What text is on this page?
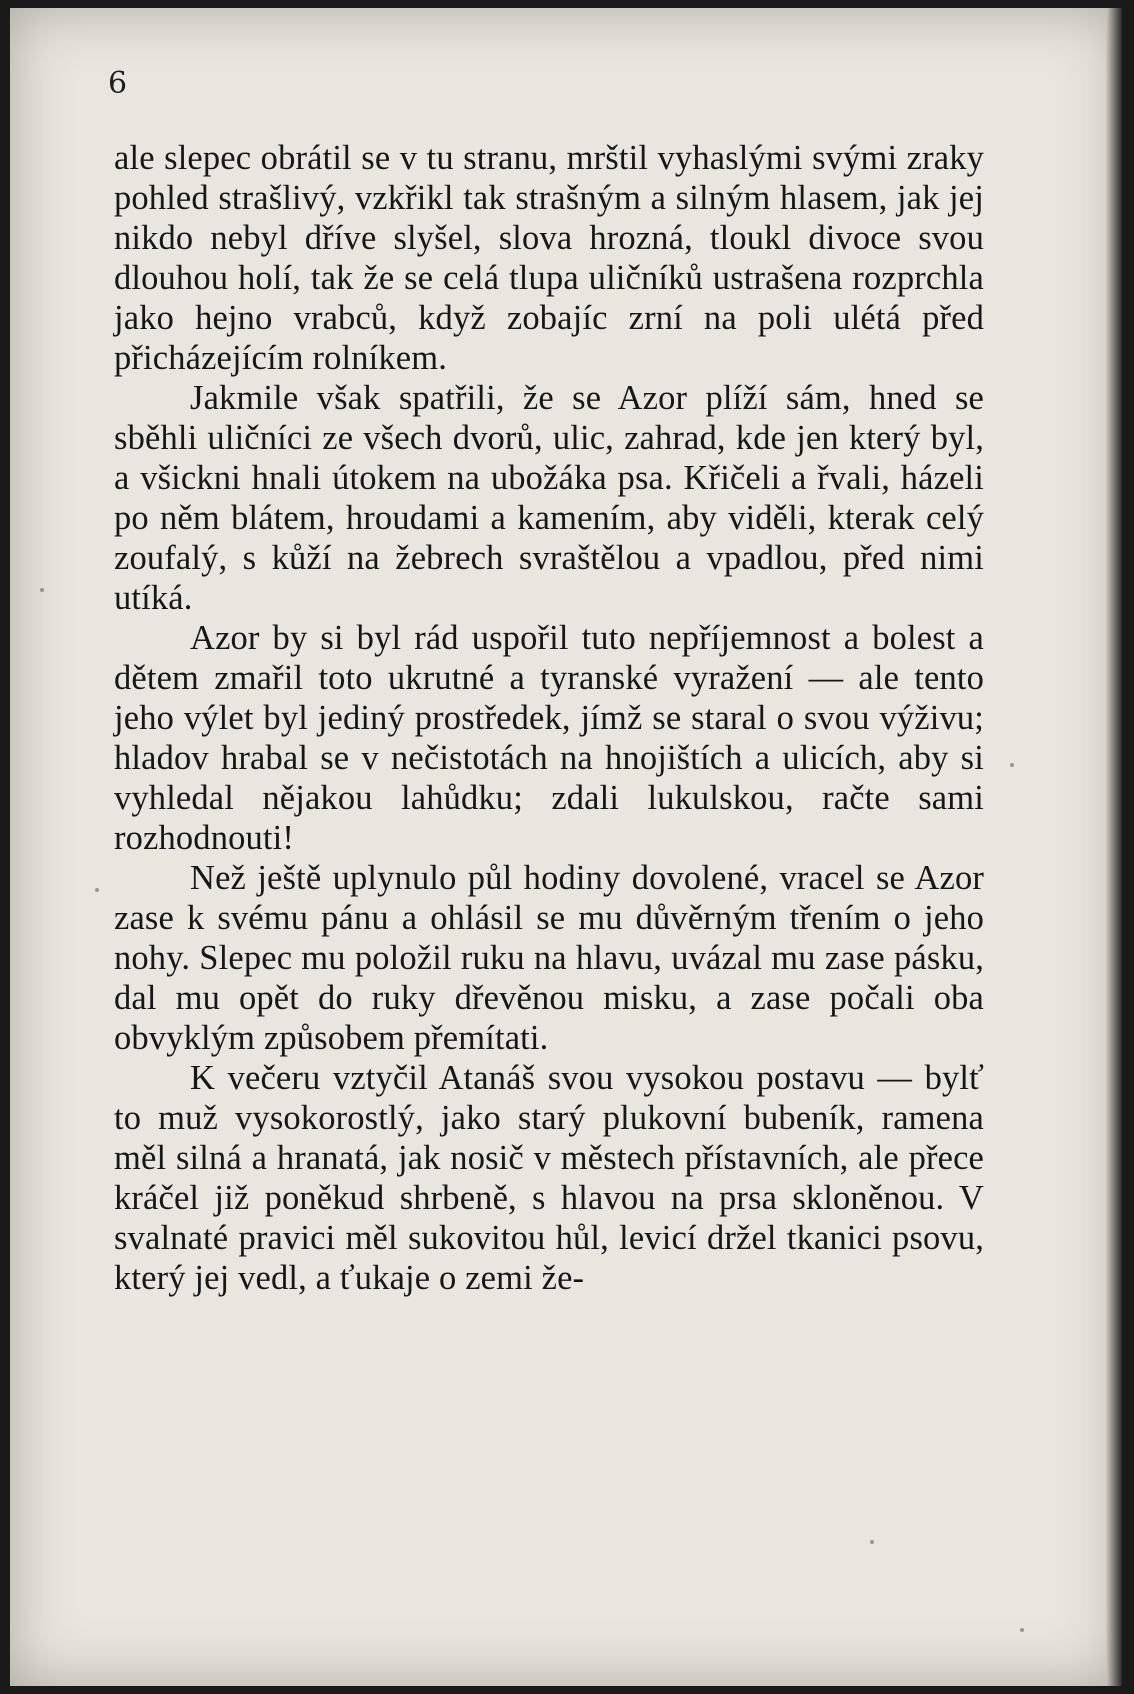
6

ale slepec obrátil se v tu stranu, mrštil vyhaslými svými zraky pohled strašlivý, vzkřikl tak strašným a silným hlasem, jak jej nikdo nebyl dříve slyšel, slova hrozná, tloukl divoce svou dlouhou holí, tak že se celá tlupa uličníků ustrašena rozprchla jako hejno vrabců, když zobajíc zrní na poli ulétá před přicházejícím rolníkem.

Jakmile však spatřili, že se Azor plíží sám, hned se sběhli uličníci ze všech dvorů, ulic, zahrad, kde jen který byl, a všickni hnali útokem na ubožáka psa. Křičeli a řvali, házeli po něm blátem, hroudami a kamením, aby viděli, kterak celý zoufalý, s kůží na žebrech svraštělou a vpadlou, před nimi utíká.

Azor by si byl rád uspořil tuto nepříjemnost a bolest a dětem zmařil toto ukrutné a tyranské vyražení — ale tento jeho výlet byl jediný prostředek, jímž se staral o svou výživu; hladov hrabal se v nečistotách na hnojištích a ulicích, aby si vyhledal nějakou lahůdku; zdali lukulskou, račte sami rozhodnouti!

Než ještě uplynulo půl hodiny dovolené, vracel se Azor zase k svému pánu a ohlásil se mu důvěrným třením o jeho nohy. Slepec mu položil ruku na hlavu, uvázal mu zase pásku, dal mu opět do ruky dřevěnou misku, a zase počali oba obvyklým způsobem přemítati.

K večeru vztyčil Atanáš svou vysokou postavu — bylť to muž vysokorostlý, jako starý plukovní bubeník, ramena měl silná a hranatá, jak nosič v městech přístavních, ale přece kráčel již poněkud shrbeně, s hlavou na prsa skloněnou. V svalnaté pravici měl sukovitou hůl, levicí držel tkanici psovu, který jej vedl, a ťukaje o zemi že-
